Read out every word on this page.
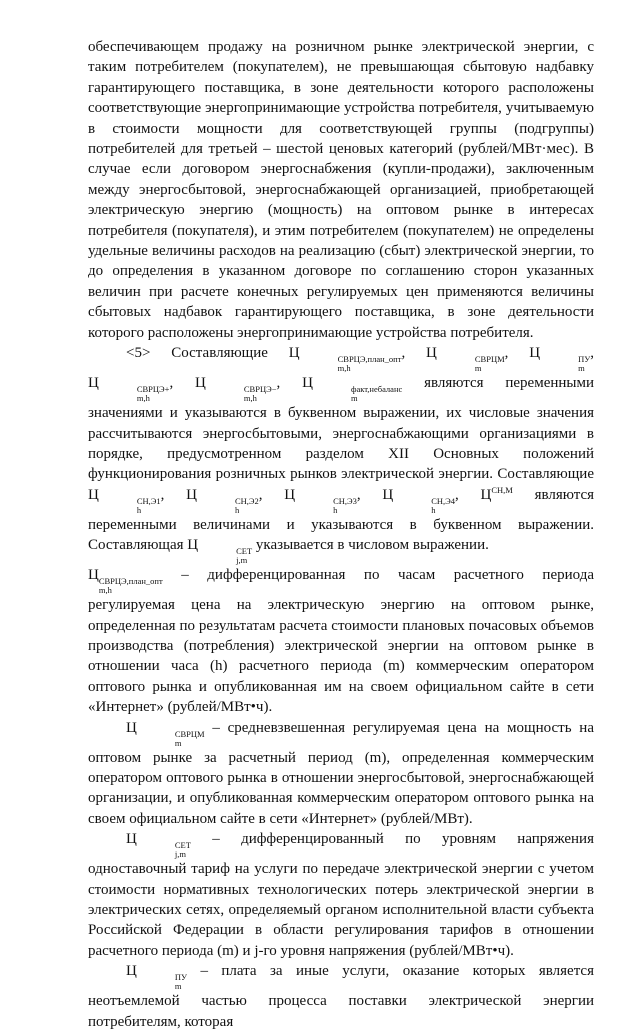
обеспечивающем продажу на розничном рынке электрической энергии, с таким потребителем (покупателем), не превышающая сбытовую надбавку гарантирующего поставщика, в зоне деятельности которого расположены соответствующие энергопринимающие устройства потребителя, учитываемую в стоимости мощности для соответствующей группы (подгруппы) потребителей для третьей – шестой ценовых категорий (рублей/МВт·мес). В случае если договором энергоснабжения (купли-продажи), заключенным между энергосбытовой, энергоснабжающей организацией, приобретающей электрическую энергию (мощность) на оптовом рынке в интересах потребителя (покупателя), и этим потребителем (покупателем) не определены удельные величины расходов на реализацию (сбыт) электрической энергии, то до определения в указанном договоре по соглашению сторон указанных величин при расчете конечных регулируемых цен применяются величины сбытовых надбавок гарантирующего поставщика, в зоне деятельности которого расположены энергопринимающие устройства потребителя.

<5> Составляющие Ц	СВРЦЭ,план_опт
m,h
, Ц	СВРЦМ
m
, Ц	ПУ
m
, Ц	СВРЦЭ+
m,h
, Ц	СВРЦЭ−
m,h
, Ц	факт,небаланс
m
являются переменными значениями и указываются в буквенном выражении, их числовые значения рассчитываются энергосбытовыми, энергоснабжающими организациями в порядке, предусмотренном разделом XII Основных положений функционирования розничных рынков электрической энергии. Составляющие Ц	СН,Э1
h
, Ц	СН,Э2
h
, Ц	СН,Э3
h
, Ц	СН,Э4
h
, $Ц^{СН,М}$ являются переменными величинами и указываются в буквенном выражении. Составляющая Ц	СЕТ
j,m
указывается в числовом выражении.

Ц СВРЦЭ,план_опт
m,h
– дифференцированная по часам расчетного периода регулируемая цена на электрическую энергию на оптовом рынке, определенная по результатам расчета стоимости плановых почасовых объемов производства (потребления) электрической энергии на оптовом рынке в отношении часа (h) расчетного периода (m) коммерческим оператором оптового рынка и опубликованная им на своем официальном сайте в сети «Интернет» (рублей/МВт•ч).

Ц	СВРЦМ
m
– средневзвешенная регулируемая цена на мощность на оптовом рынке за расчетный период (m), определенная коммерческим оператором оптового рынка в отношении энергосбытовой, энергоснабжающей организации, и опубликованная коммерческим оператором оптового рынка на своем официальном сайте в сети «Интернет» (рублей/МВт).

Ц	СЕТ
j,m
– дифференцированный по уровням напряжения одноставочный тариф на услуги по передаче электрической энергии с учетом стоимости нормативных технологических потерь электрической энергии в электрических сетях, определяемый органом исполнительной власти субъекта Российской Федерации в области регулирования тарифов в отношении расчетного периода (m) и j-го уровня напряжения (рублей/МВт•ч).

Ц	ПУ
m
– плата за иные услуги, оказание которых является неотъемлемой частью процесса поставки электрической энергии потребителям, которая
